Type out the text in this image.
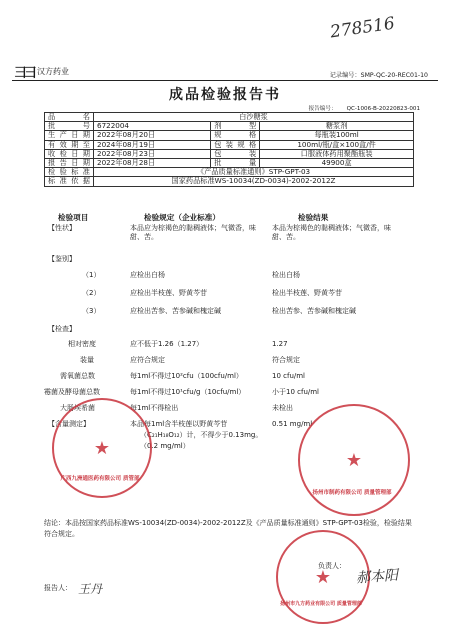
278516
⺕⺕ 汉方药业	记录编号：SMP-QC-20-REC01-10
成品检验报告书
报告编号： QC-1006-B-20220823-001
品　名	白沙糖浆		
批　号	6722004	剂　型	糖浆剂
生产日期	2022年08月20日	规　格	每瓶装100ml
有效期至	2024年08月19日	包装规格	100ml/瓶/盒×100盒/件
收检日期	2022年08月23日	包　装	口服液体药用聚酯瓶装
报告日期	2022年08月28日	批　量	49900盒
检验标准	《产品质量标准通则》STP-GPT-03		
标准依据	国家药品标准WS-10034(ZD-0034)-2002-2012Z		
检验项目	检验规定（企业标准）	检验结果
【性状】	本品应为棕褐色的黏稠液体；气微香，味甜、苦。
本品为棕褐色的黏稠液体；气微香，味甜、苦。
【鉴别】
（1）	应检出白杨	检出白杨
（2）	应检出半枝莲、野黄芩苷	检出半枝莲、野黄芩苷
（3）	应检出苦参、苦参碱和槐定碱	检出苦参、苦参碱和槐定碱
【检查】
相对密度	应不低于1.26（1.27）	1.27
装量	应符合规定	符合规定
需氧菌总数	每1ml不得过10²cfu（100cfu/ml）	10 cfu/ml
霉菌及酵母菌总数	每1ml不得过10¹cfu/g（10cfu/ml）	小于10 cfu/ml
大肠埃希菌	每1ml不得检出	未检出
【含量测定】	本品每1ml含半枝莲以野黄芩苷
（C₂₁H₁₈O₁₂）计，不得少于0.13mg。
（0.2 mg/ml）
0.51 mg/ml
★
广西九洲通医药有限公司 质管部
★
扬州市制药有限公司 质量管理部
结论：本品按国家药品标准WS-10034(ZD-0034)-2002-2012Z及《产品质量标准通则》STP-GPT-03检验，检验结果符合规定。
★
扬州市九方药业有限公司 质量管理部
报告人： 王丹
负责人：
郝本阳
